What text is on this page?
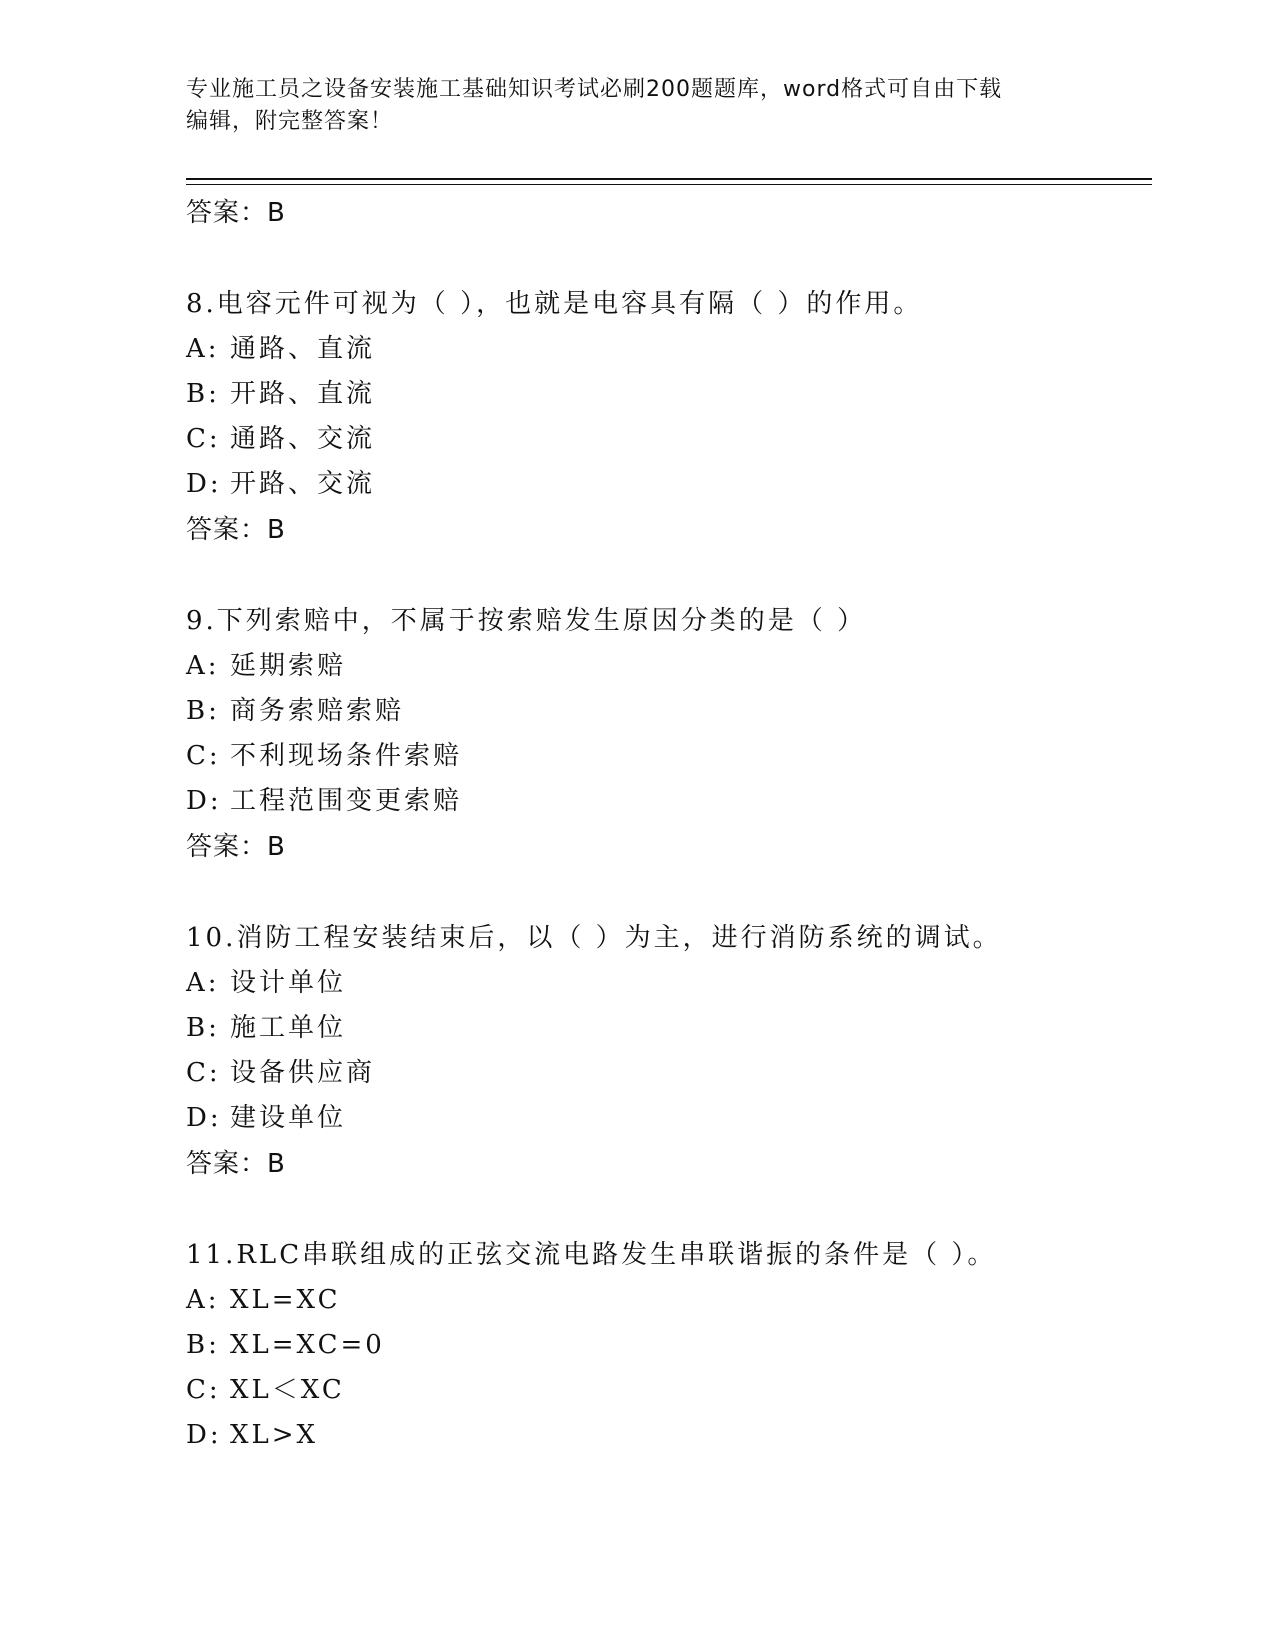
专业施工员之设备安装施工基础知识考试必刷200题题库，word格式可自由下载
编辑，附完整答案！
答案：B
8.电容元件可视为（ ），也就是电容具有隔（ ）的作用。
A: 通路、直流
B: 开路、直流
C: 通路、交流
D: 开路、交流
答案：B
9.下列索赔中，不属于按索赔发生原因分类的是（ ）
A: 延期索赔
B: 商务索赔索赔
C: 不利现场条件索赔
D: 工程范围变更索赔
答案：B
10.消防工程安装结束后，以（ ）为主，进行消防系统的调试。
A: 设计单位
B: 施工单位
C: 设备供应商
D: 建设单位
答案：B
11.RLC串联组成的正弦交流电路发生串联谐振的条件是（ ）。
A: XL=XC
B: XL=XC=0
C: XL＜XC
D: XL>X
